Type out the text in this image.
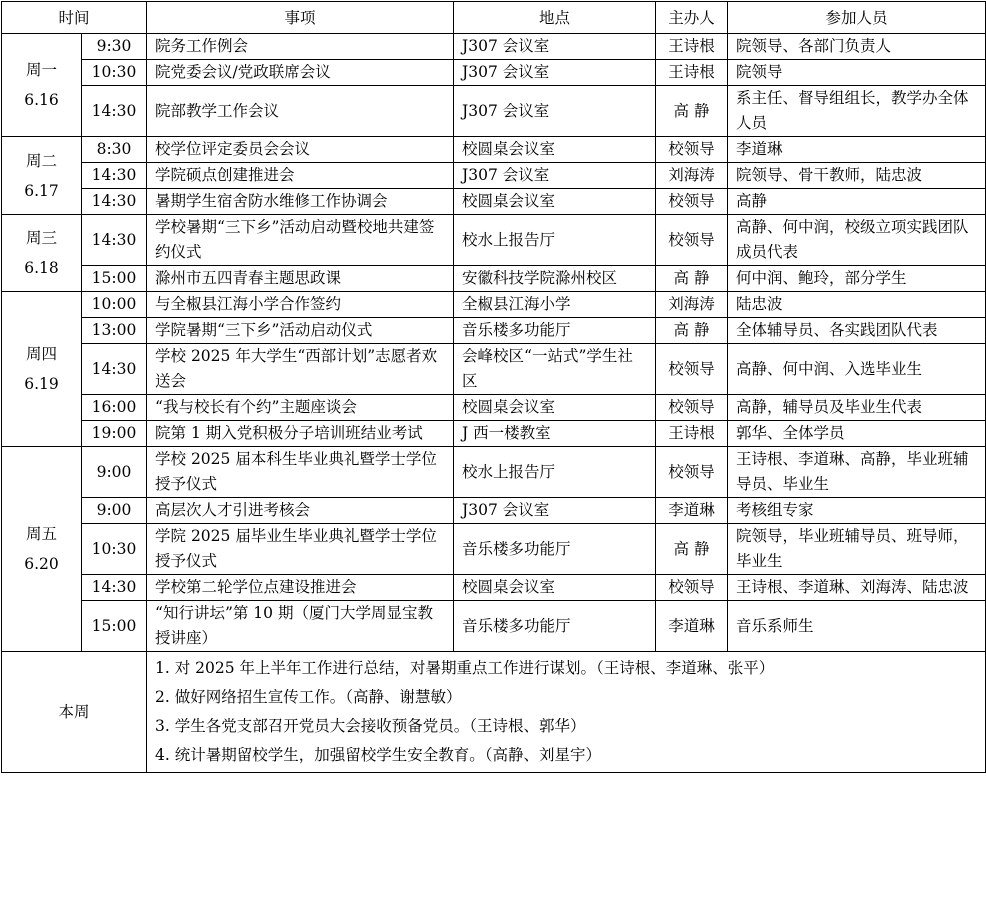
时间		事项	地点	主办人	参加人员

周一
6.16	9:30	院务工作例会	J307 会议室	王诗根	院领导、各部门负责人
	10:30	院党委会议/党政联席会议	J307 会议室	王诗根	院领导
	14:30	院部教学工作会议	J307 会议室	高 静	系主任、督导组组长，教学办全体人员

周二
6.17	8:30	校学位评定委员会会议	校圆桌会议室	校领导	李道琳
	14:30	学院硕点创建推进会	J307 会议室	刘海涛	院领导、骨干教师，陆忠波
	14:30	暑期学生宿舍防水维修工作协调会	校圆桌会议室	校领导	高静

周三
6.18	14:30	学校暑期“三下乡”活动启动暨校地共建签约仪式	校水上报告厅	校领导	高静、何中润，校级立项实践团队成员代表
	15:00	滁州市五四青春主题思政课	安徽科技学院滁州校区	高 静	何中润、鲍玲，部分学生

周四
6.19	10:00	与全椒县江海小学合作签约	全椒县江海小学	刘海涛	陆忠波
	13:00	学院暑期“三下乡”活动启动仪式	音乐楼多功能厅	高 静	全体辅导员、各实践团队代表
	14:30	学校 2025 年大学生“西部计划”志愿者欢送会	会峰校区“一站式”学生社区	校领导	高静、何中润、入选毕业生
	16:00	“我与校长有个约”主题座谈会	校圆桌会议室	校领导	高静，辅导员及毕业生代表
	19:00	院第 1 期入党积极分子培训班结业考试	J 西一楼教室	王诗根	郭华、全体学员

周五
6.20	9:00	学校 2025 届本科生毕业典礼暨学士学位授予仪式	校水上报告厅	校领导	王诗根、李道琳、高静，毕业班辅导员、毕业生
	9:00	高层次人才引进考核会	J307 会议室	李道琳	考核组专家
	10:30	学院 2025 届毕业生毕业典礼暨学士学位授予仪式	音乐楼多功能厅	高 静	院领导，毕业班辅导员、班导师，毕业生
	14:30	学校第二轮学位点建设推进会	校圆桌会议室	校领导	王诗根、李道琳、刘海涛、陆忠波
	15:00	“知行讲坛”第 10 期（厦门大学周显宝教授讲座）	音乐楼多功能厅	李道琳	音乐系师生
本周		1. 对 2025 年上半年工作进行总结，对暑期重点工作进行谋划。（王诗根、李道琳、张平）
2. 做好网络招生宣传工作。（高静、谢慧敏）
3. 学生各党支部召开党员大会接收预备党员。（王诗根、郭华）
4. 统计暑期留校学生，加强留校学生安全教育。（高静、刘星宇）			
